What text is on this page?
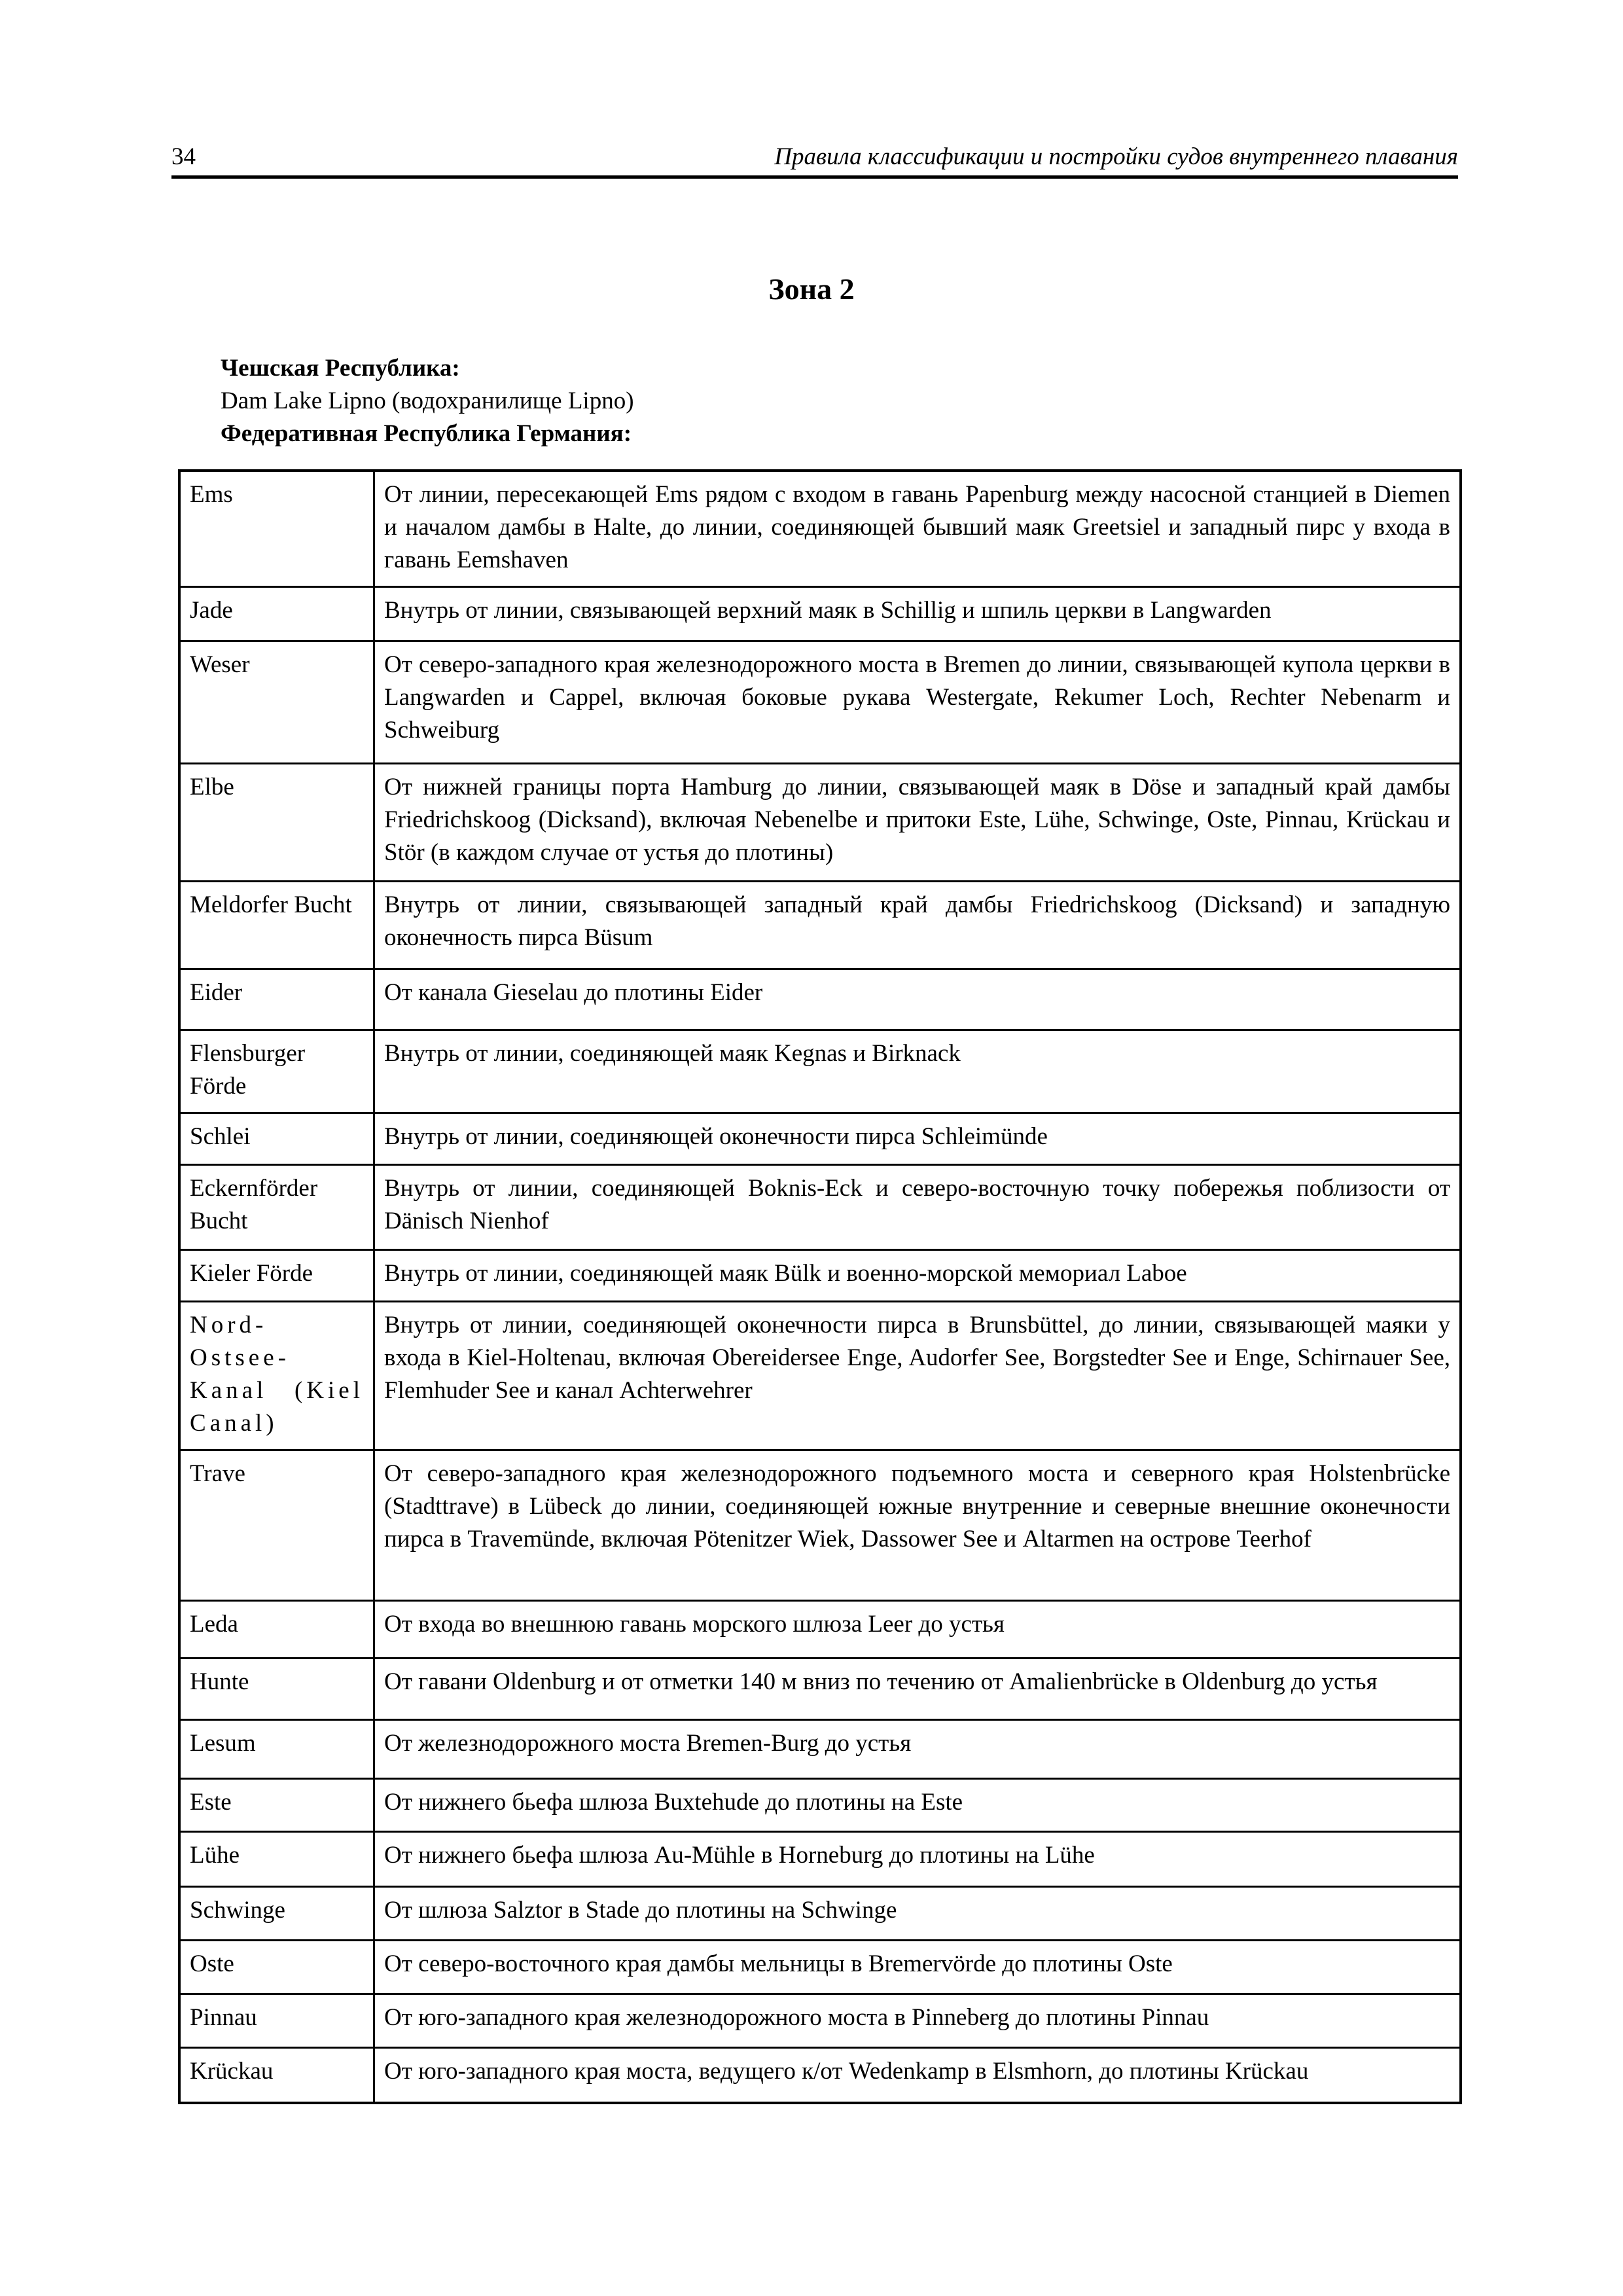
34	Правила классификации и постройки судов внутреннего плавания
Зона 2
Чешская Республика:
Dam Lake Lipno (водохранилище Lipno)
Федеративная Республика Германия:
Ems	От линии, пересекающей Ems рядом с входом в гавань Papenburg между насосной станцией в Diemen и началом дамбы в Halte, до линии, соединяющей бывший маяк Greetsiel и западный пирс у входа в гавань Eemshaven
Jade	Внутрь от линии, связывающей верхний маяк в Schillig и шпиль церкви в Langwarden
Weser	От северо-западного края железнодорожного моста в Bremen до линии, связывающей купола церкви в Langwarden и Cappel, включая боковые рукава Westergate, Rekumer Loch, Rechter Nebenarm и Schweiburg
Elbe	От нижней границы порта Hamburg до линии, связывающей маяк в Döse и западный край дамбы Friedrichskoog (Dicksand), включая Nebenelbe и притоки Este, Lühe, Schwinge, Oste, Pinnau, Krückau и Stör (в каждом случае от устья до плотины)
Meldorfer Bucht	Внутрь от линии, связывающей западный край дамбы Friedrichskoog (Dicksand) и западную оконечность пирса Büsum
Eider	От канала Gieselau до плотины Eider
Flensburger Förde	Внутрь от линии, соединяющей маяк Kegnas и Birknack
Schlei	Внутрь от линии, соединяющей оконечности пирса Schleimünde
Eckernförder Bucht	Внутрь от линии, соединяющей Boknis-Eck и северо-восточную точку побережья поблизости от Dänisch Nienhof
Kieler Förde	Внутрь от линии, соединяющей маяк Bülk и военно-морской мемориал Laboe
Nord-Ostsee-Kanal (Kiel Canal)	Внутрь от линии, соединяющей оконечности пирса в Brunsbüttel, до линии, связывающей маяки у входа в Kiel-Holtenau, включая Obereidersee Enge, Audorfer See, Borgstedter See и Enge, Schirnauer See, Flemhuder See и канал Achterwehrer
Trave	От северо-западного края железнодорожного подъемного моста и северного края Holstenbrücke (Stadttrave) в Lübeck до линии, соединяющей южные внутренние и северные внешние оконечности пирса в Travemünde, включая Pötenitzer Wiek, Dassower See и Altarmen на острове Teerhof
Leda	От входа во внешнюю гавань морского шлюза Leer до устья
Hunte	От гавани Oldenburg и от отметки 140 м вниз по течению от Amalienbrücke в Oldenburg до устья
Lesum	От железнодорожного моста Bremen-Burg до устья
Este	От нижнего бьефа шлюза Buxtehude до плотины на Este
Lühe	От нижнего бьефа шлюза Au-Mühle в Horneburg до плотины на Lühe
Schwinge	От шлюза Salztor в Stade до плотины на Schwinge
Oste	От северо-восточного края дамбы мельницы в Bremervörde до плотины Oste
Pinnau	От юго-западного края железнодорожного моста в Pinneberg до плотины Pinnau
Krückau	От юго-западного края моста, ведущего к/от Wedenkamp в Elsmhorn, до плотины Krückau
